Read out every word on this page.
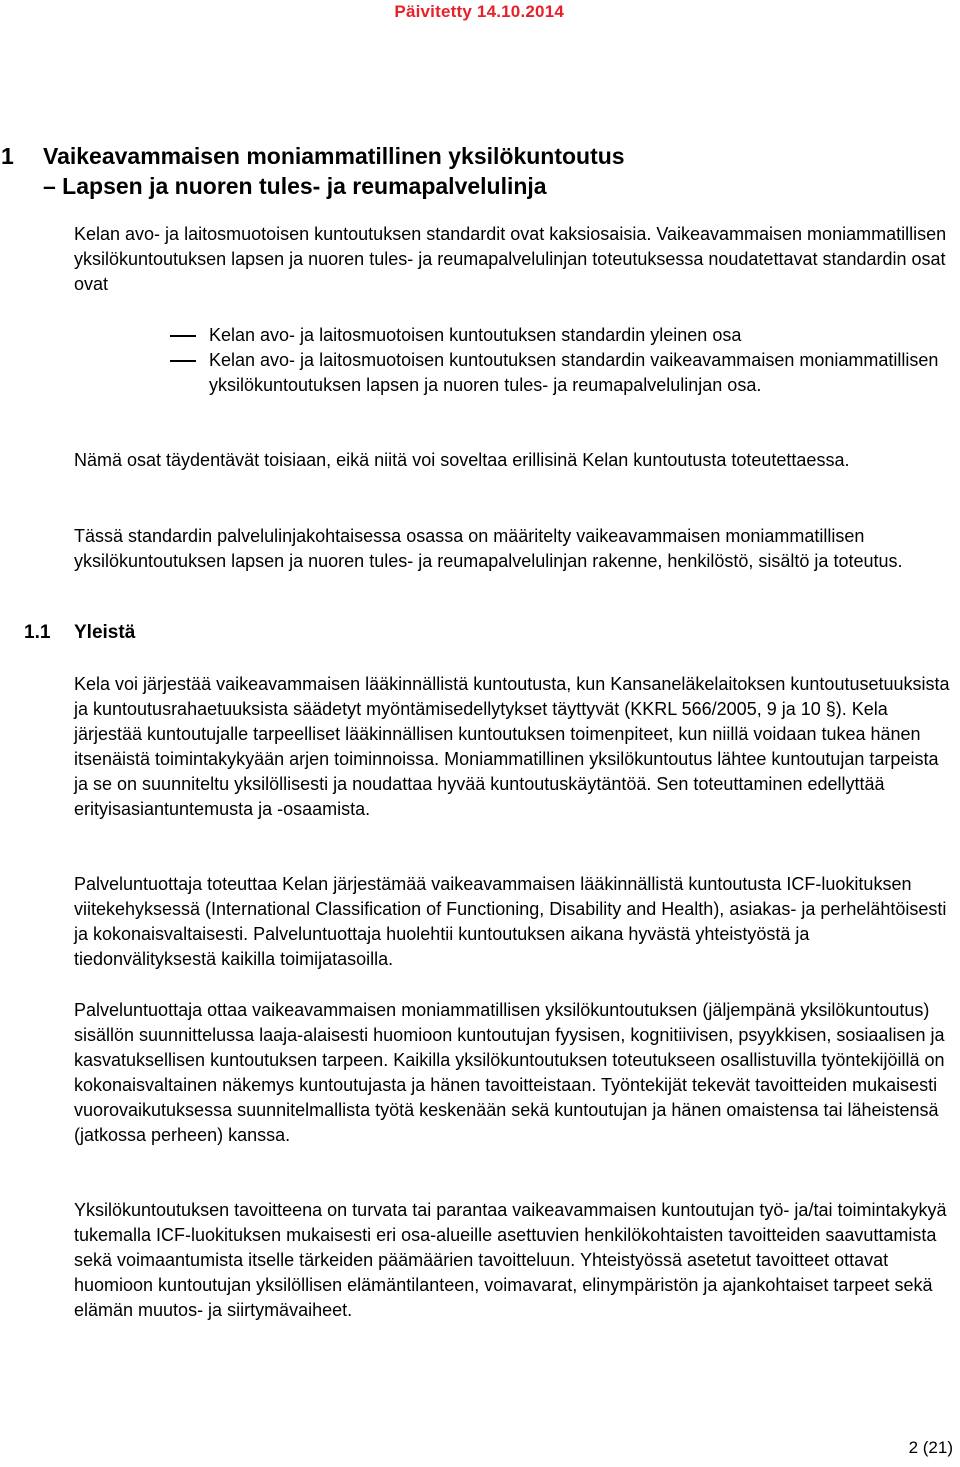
Päivitetty 14.10.2014
1 Vaikeavammaisen moniammatillinen yksilökuntoutus
– Lapsen ja nuoren tules- ja reumapalvelulinja

Kelan avo- ja laitosmuotoisen kuntoutuksen standardit ovat kaksiosaisia. Vaikeavammaisen moniammatillisen yksilökuntoutuksen lapsen ja nuoren tules- ja reumapalvelulinjan toteutuksessa noudatettavat standardin osat ovat

Kelan avo- ja laitosmuotoisen kuntoutuksen standardin yleinen osa
Kelan avo- ja laitosmuotoisen kuntoutuksen standardin vaikeavammaisen moniammatillisen yksilökuntoutuksen lapsen ja nuoren tules- ja reumapalvelulinjan osa.

Nämä osat täydentävät toisiaan, eikä niitä voi soveltaa erillisinä Kelan kuntoutusta toteutettaessa.

Tässä standardin palvelulinjakohtaisessa osassa on määritelty vaikeavammaisen moniammatillisen yksilökuntoutuksen lapsen ja nuoren tules- ja reumapalvelulinjan rakenne, henkilöstö, sisältö ja toteutus.

1.1 Yleistä

Kela voi järjestää vaikeavammaisen lääkinnällistä kuntoutusta, kun Kansaneläkelaitoksen kuntoutusetuuksista ja kuntoutusrahaetuuksista säädetyt myöntämisedellytykset täyttyvät (KKRL 566/2005, 9 ja 10 §). Kela järjestää kuntoutujalle tarpeelliset lääkinnällisen kuntoutuksen toimenpiteet, kun niillä voidaan tukea hänen itsenäistä toimintakykyään arjen toiminnoissa. Moniammatillinen yksilökuntoutus lähtee kuntoutujan tarpeista ja se on suunniteltu yksilöllisesti ja noudattaa hyvää kuntoutuskäytäntöä. Sen toteuttaminen edellyttää erityisasiantuntemusta ja -osaamista.

Palveluntuottaja toteuttaa Kelan järjestämää vaikeavammaisen lääkinnällistä kuntoutusta ICF-luokituksen viitekehyksessä (International Classification of Functioning, Disability and Health), asiakas- ja perhelähtöisesti ja kokonaisvaltaisesti. Palveluntuottaja huolehtii kuntoutuksen aikana hyvästä yhteistyöstä ja tiedonvälityksestä kaikilla toimijatasoilla.

Palveluntuottaja ottaa vaikeavammaisen moniammatillisen yksilökuntoutuksen (jäljempänä yksilökuntoutus) sisällön suunnittelussa laaja-alaisesti huomioon kuntoutujan fyysisen, kognitiivisen, psyykkisen, sosiaalisen ja kasvatuksellisen kuntoutuksen tarpeen. Kaikilla yksilökuntoutuksen toteutukseen osallistuvilla työntekijöillä on kokonaisvaltainen näkemys kuntoutujasta ja hänen tavoitteistaan. Työntekijät tekevät tavoitteiden mukaisesti vuorovaikutuksessa suunnitelmallista työtä keskenään sekä kuntoutujan ja hänen omaistensa tai läheistensä (jatkossa perheen) kanssa.

Yksilökuntoutuksen tavoitteena on turvata tai parantaa vaikeavammaisen kuntoutujan työ- ja/tai toimintakykyä tukemalla ICF-luokituksen mukaisesti eri osa-alueille asettuvien henkilökohtaisten tavoitteiden saavuttamista sekä voimaantumista itselle tärkeiden päämäärien tavoitteluun. Yhteistyössä asetetut tavoitteet ottavat huomioon kuntoutujan yksilöllisen elämäntilanteen, voimavarat, elinympäristön ja ajankohtaiset tarpeet sekä elämän muutos- ja siirtymävaiheet.

2 (21)
